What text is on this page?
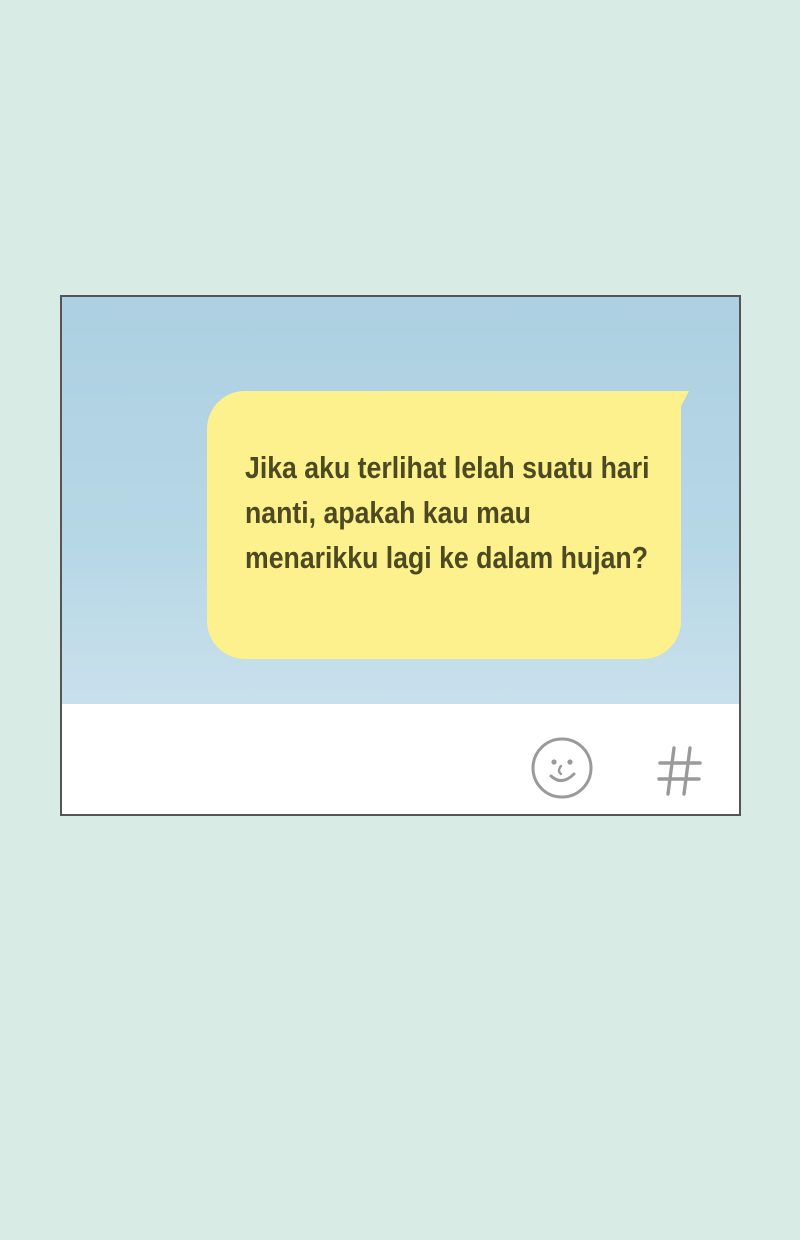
Jika aku terlihat lelah suatu hari nanti, apakah kau mau menarikku lagi ke dalam hujan?
